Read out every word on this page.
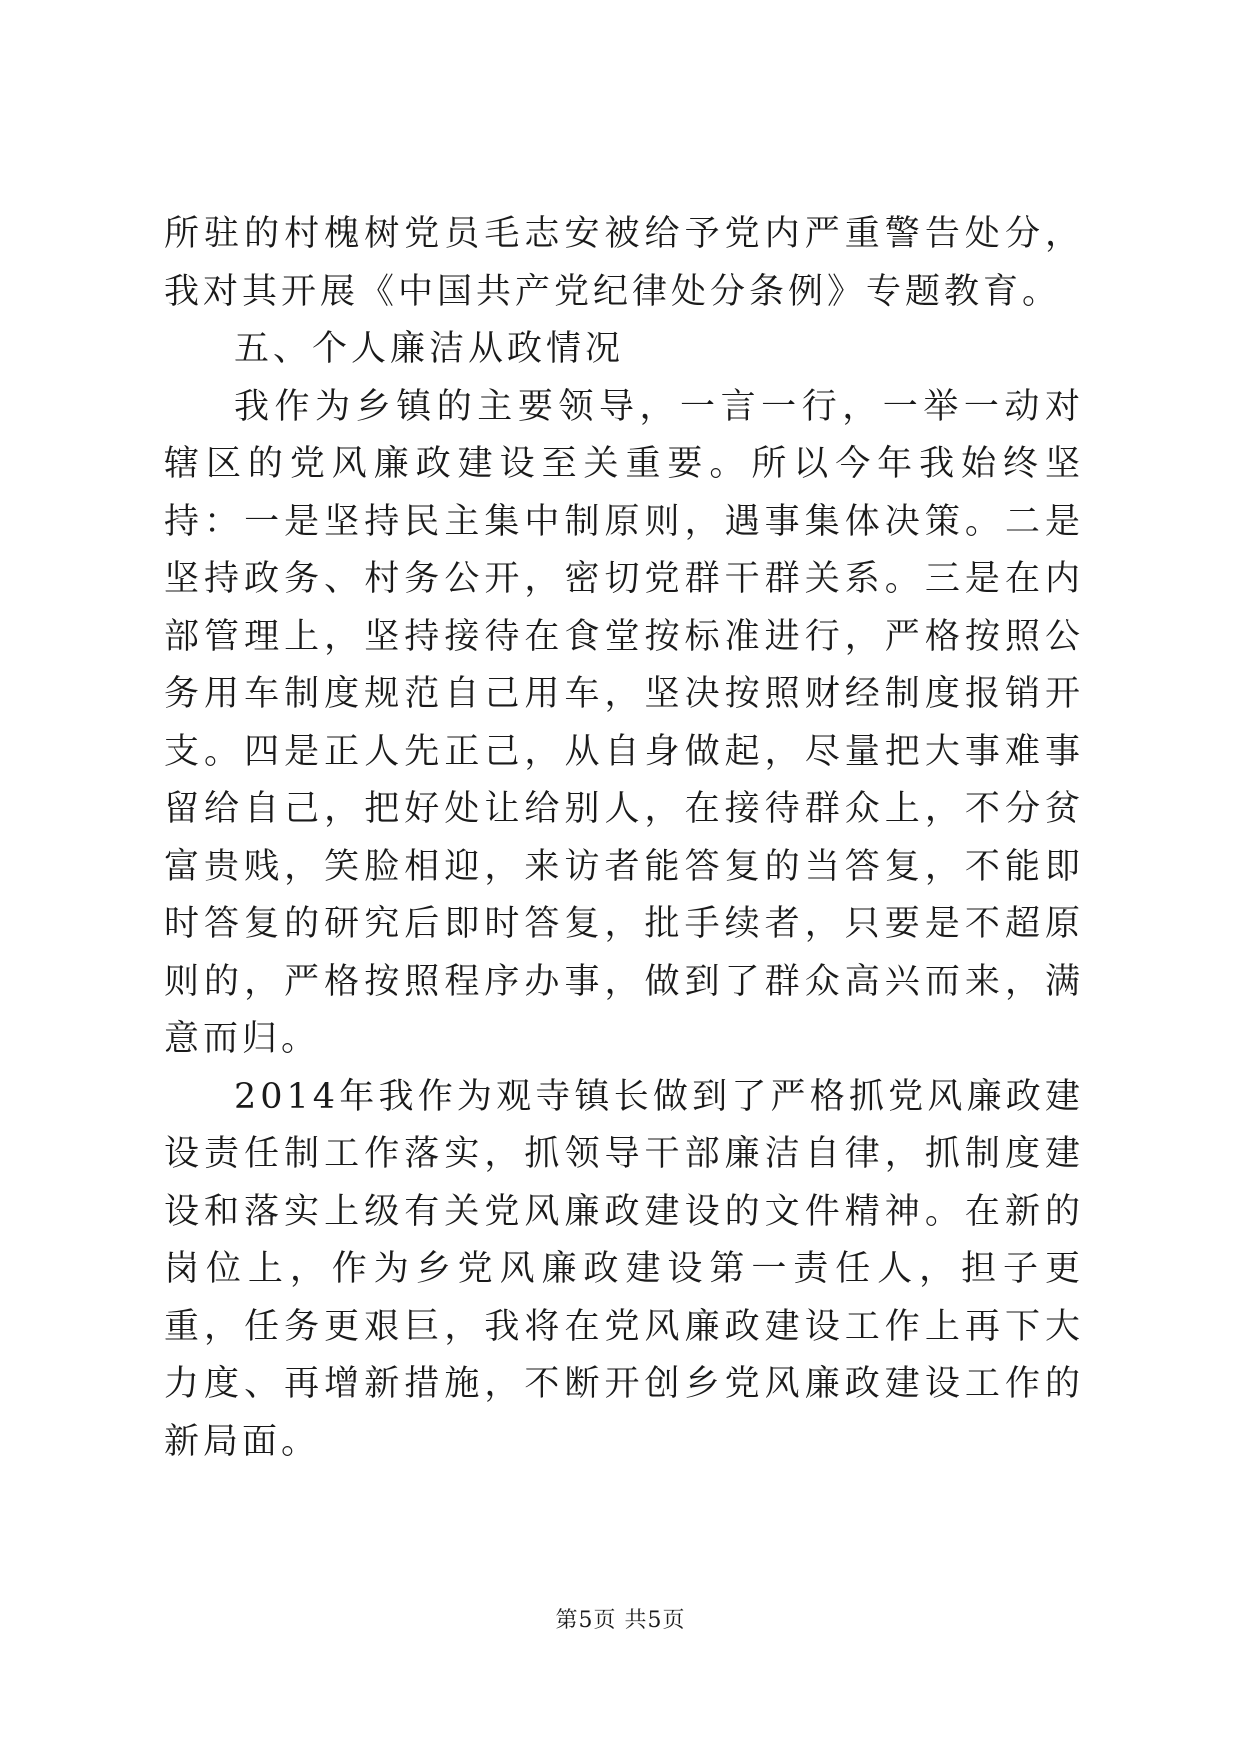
所驻的村槐树党员毛志安被给予党内严重警告处分，我对其开展《中国共产党纪律处分条例》专题教育。

五、个人廉洁从政情况

我作为乡镇的主要领导，一言一行，一举一动对辖区的党风廉政建设至关重要。所以今年我始终坚持：一是坚持民主集中制原则，遇事集体决策。二是坚持政务、村务公开，密切党群干群关系。三是在内部管理上，坚持接待在食堂按标准进行，严格按照公务用车制度规范自己用车，坚决按照财经制度报销开支。四是正人先正己，从自身做起，尽量把大事难事留给自己，把好处让给别人，在接待群众上，不分贫富贵贱，笑脸相迎，来访者能答复的当答复，不能即时答复的研究后即时答复，批手续者，只要是不超原则的，严格按照程序办事，做到了群众高兴而来，满意而归。

2014年我作为观寺镇长做到了严格抓党风廉政建设责任制工作落实，抓领导干部廉洁自律，抓制度建设和落实上级有关党风廉政建设的文件精神。在新的岗位上，作为乡党风廉政建设第一责任人，担子更重，任务更艰巨，我将在党风廉政建设工作上再下大力度、再增新措施，不断开创乡党风廉政建设工作的新局面。

第5页 共5页
